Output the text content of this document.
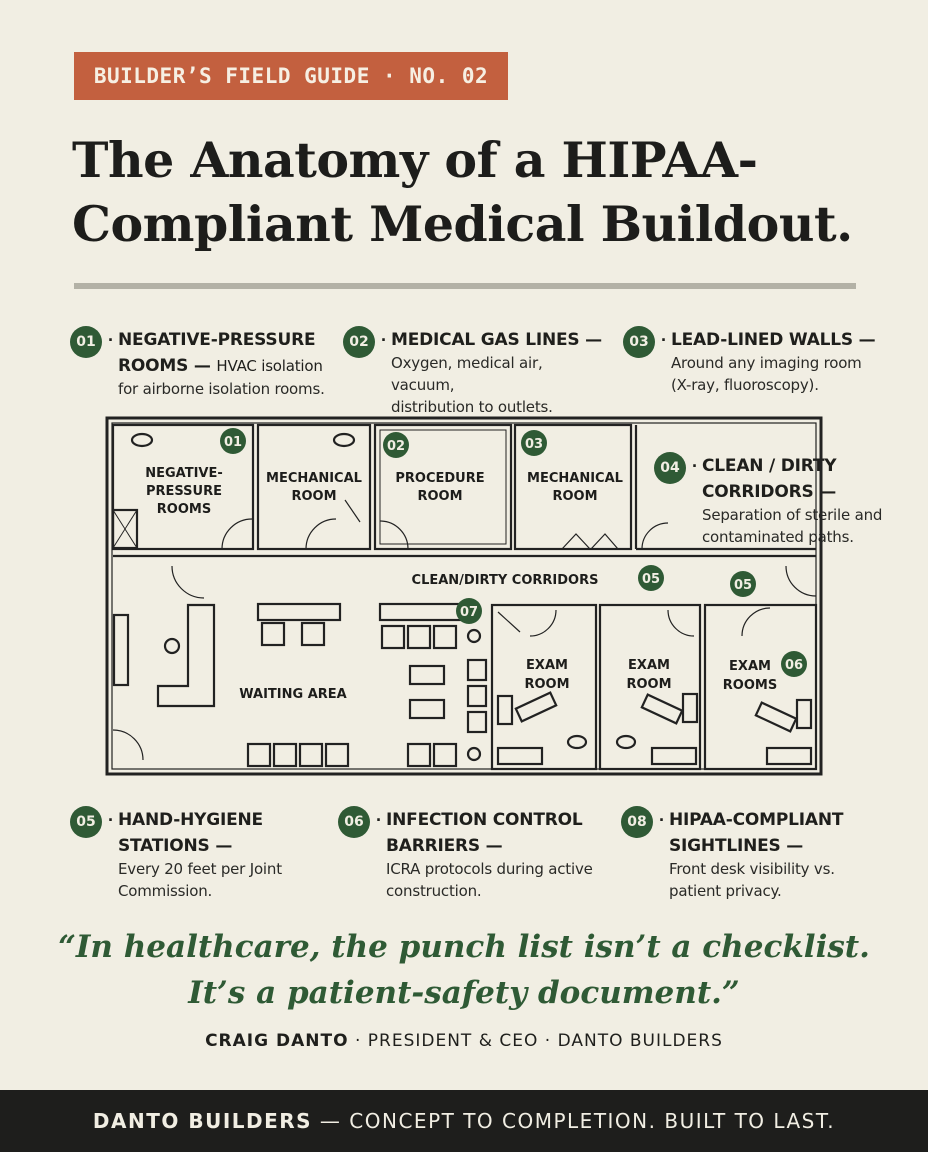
BUILDER’S FIELD GUIDE · NO. 02
The Anatomy of a HIPAA-
Compliant Medical Buildout.
01 · NEGATIVE-PRESSURE
ROOMS — HVAC isolation
for airborne isolation rooms.
02 · MEDICAL GAS LINES —
Oxygen, medical air, vacuum,
distribution to outlets.
03 · LEAD-LINED WALLS —
Around any imaging room
(X-ray, fluoroscopy).
04 · CLEAN / DIRTY
CORRIDORS —
Separation of sterile and
contaminated paths.
NEGATIVE-
PRESSURE
ROOMS
MECHANICAL
ROOM
PROCEDURE
ROOM
MECHANICAL
ROOM
CLEAN/DIRTY CORRIDORS
WAITING AREA
EXAM
ROOM
EXAM
ROOM
EXAM
ROOMS
01	02	03
05	05
07
06
05 · HAND-HYGIENE
STATIONS —
Every 20 feet per Joint
Commission.
06 · INFECTION CONTROL
BARRIERS —
ICRA protocols during active
construction.
08 · HIPAA-COMPLIANT
SIGHTLINES —
Front desk visibility vs.
patient privacy.
“In healthcare, the punch list isn’t a checklist.
It’s a patient-safety document.”
CRAIG DANTO · PRESIDENT & CEO · DANTO BUILDERS
DANTO BUILDERS — CONCEPT TO COMPLETION. BUILT TO LAST.
